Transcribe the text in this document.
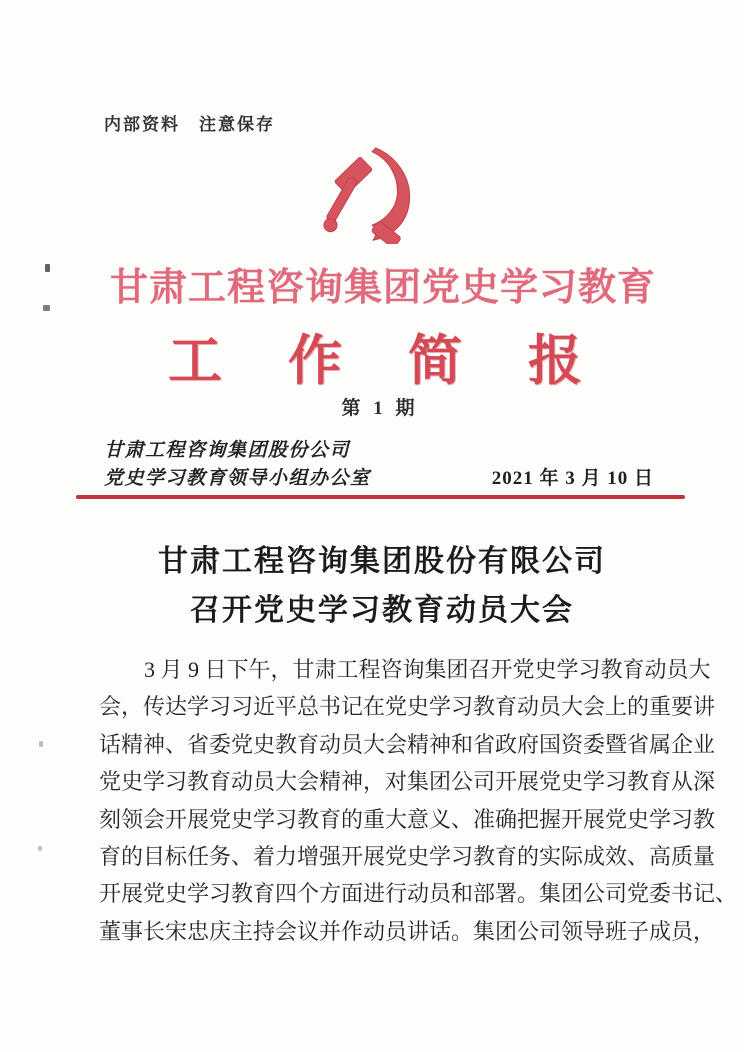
内部资料　注意保存
甘肃工程咨询集团党史学习教育
工　作　简　报
第 1 期
甘肃工程咨询集团股份公司
党史学习教育领导小组办公室	2021 年 3 月 10 日
甘肃工程咨询集团股份有限公司
召开党史学习教育动员大会
3 月 9 日下午，甘肃工程咨询集团召开党史学习教育动员大
会，传达学习习近平总书记在党史学习教育动员大会上的重要讲
话精神、省委党史教育动员大会精神和省政府国资委暨省属企业
党史学习教育动员大会精神，对集团公司开展党史学习教育从深
刻领会开展党史学习教育的重大意义、准确把握开展党史学习教
育的目标任务、着力增强开展党史学习教育的实际成效、高质量
开展党史学习教育四个方面进行动员和部署。集团公司党委书记、
董事长宋忠庆主持会议并作动员讲话。集团公司领导班子成员，
